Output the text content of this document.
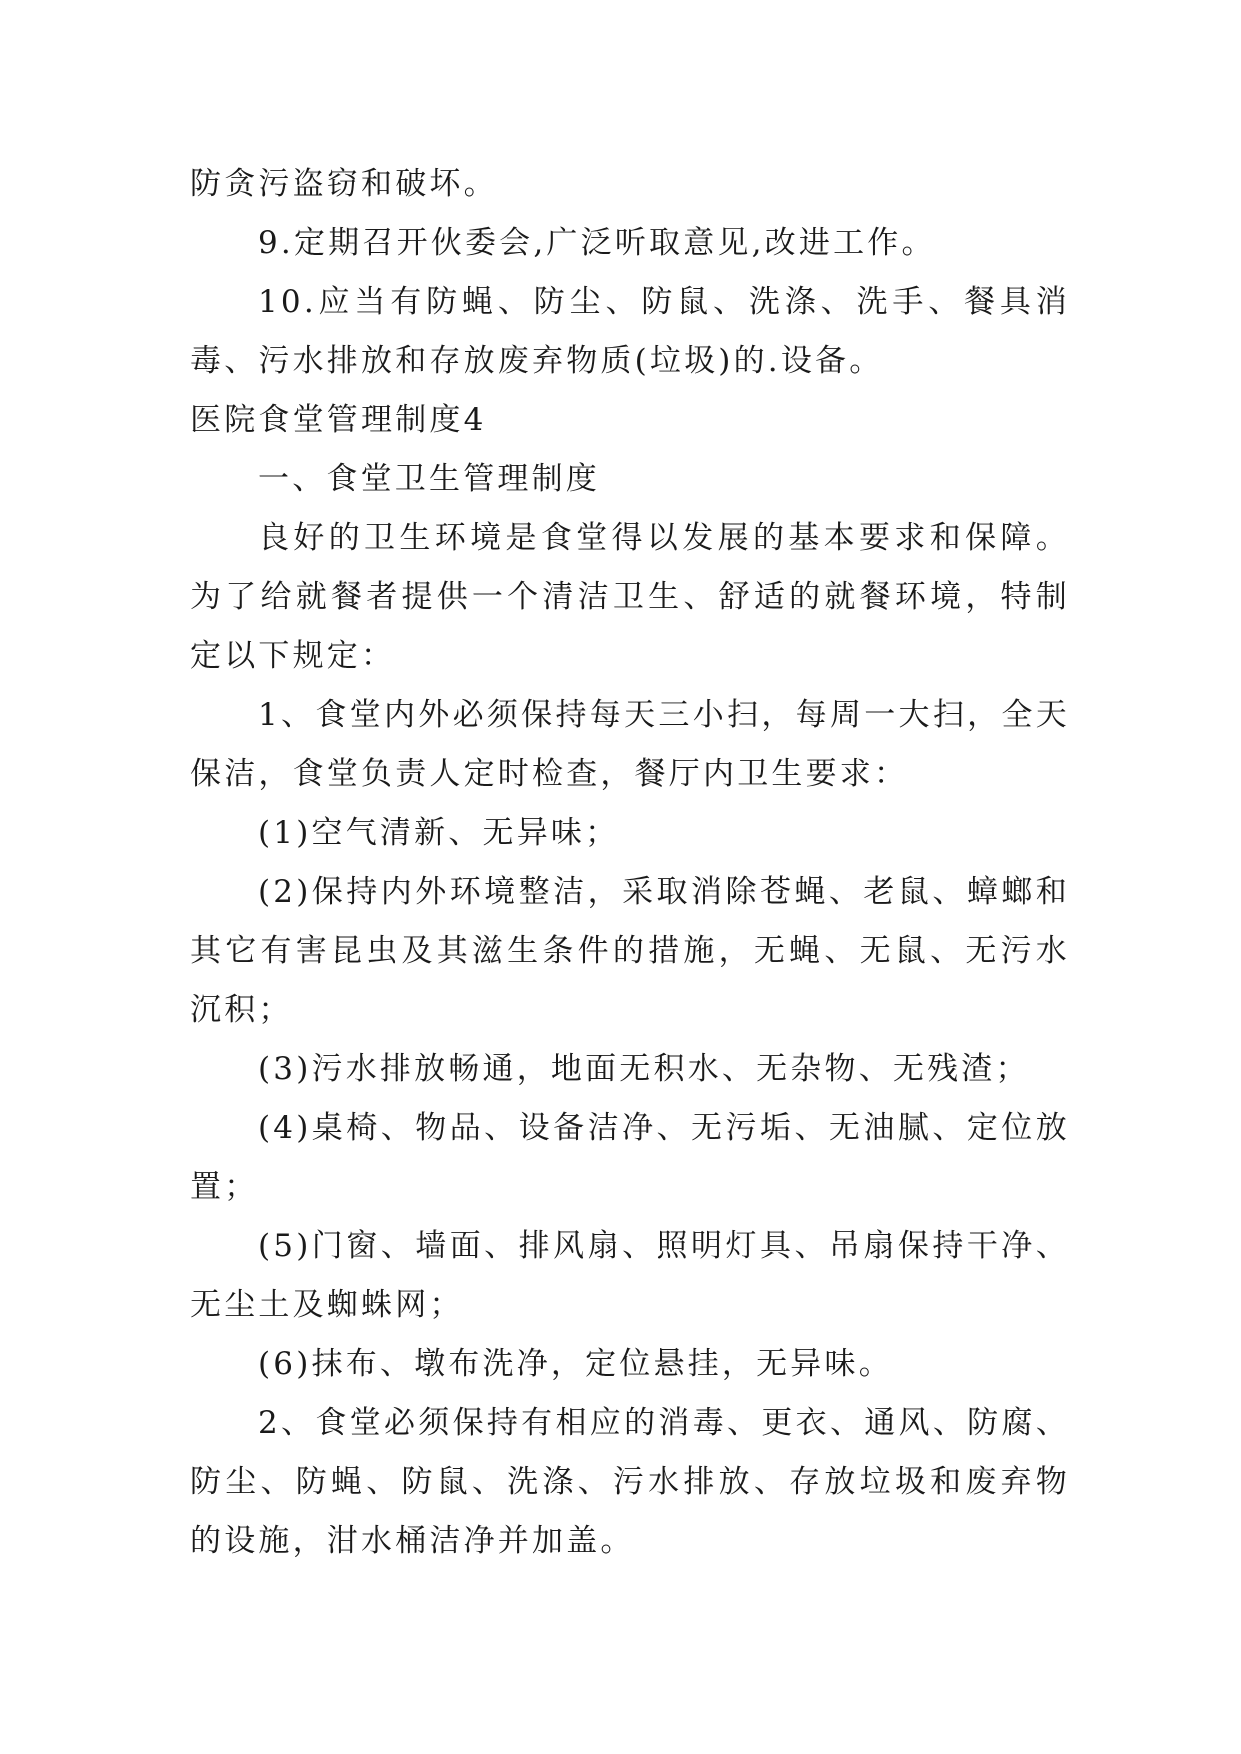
防贪污盗窃和破坏。

9.定期召开伙委会,广泛听取意见,改进工作。

10.应当有防蝇、防尘、防鼠、洗涤、洗手、餐具消毒、污水排放和存放废弃物质(垃圾)的.设备。

医院食堂管理制度4

一、食堂卫生管理制度

良好的卫生环境是食堂得以发展的基本要求和保障。为了给就餐者提供一个清洁卫生、舒适的就餐环境，特制定以下规定：

1、食堂内外必须保持每天三小扫，每周一大扫，全天保洁，食堂负责人定时检查，餐厅内卫生要求：

(1)空气清新、无异味；

(2)保持内外环境整洁，采取消除苍蝇、老鼠、蟑螂和其它有害昆虫及其滋生条件的措施，无蝇、无鼠、无污水沉积；

(3)污水排放畅通，地面无积水、无杂物、无残渣；

(4)桌椅、物品、设备洁净、无污垢、无油腻、定位放置；

(5)门窗、墙面、排风扇、照明灯具、吊扇保持干净、无尘土及蜘蛛网；

(6)抹布、墩布洗净，定位悬挂，无异味。

2、食堂必须保持有相应的消毒、更衣、通风、防腐、防尘、防蝇、防鼠、洗涤、污水排放、存放垃圾和废弃物的设施，泔水桶洁净并加盖。
